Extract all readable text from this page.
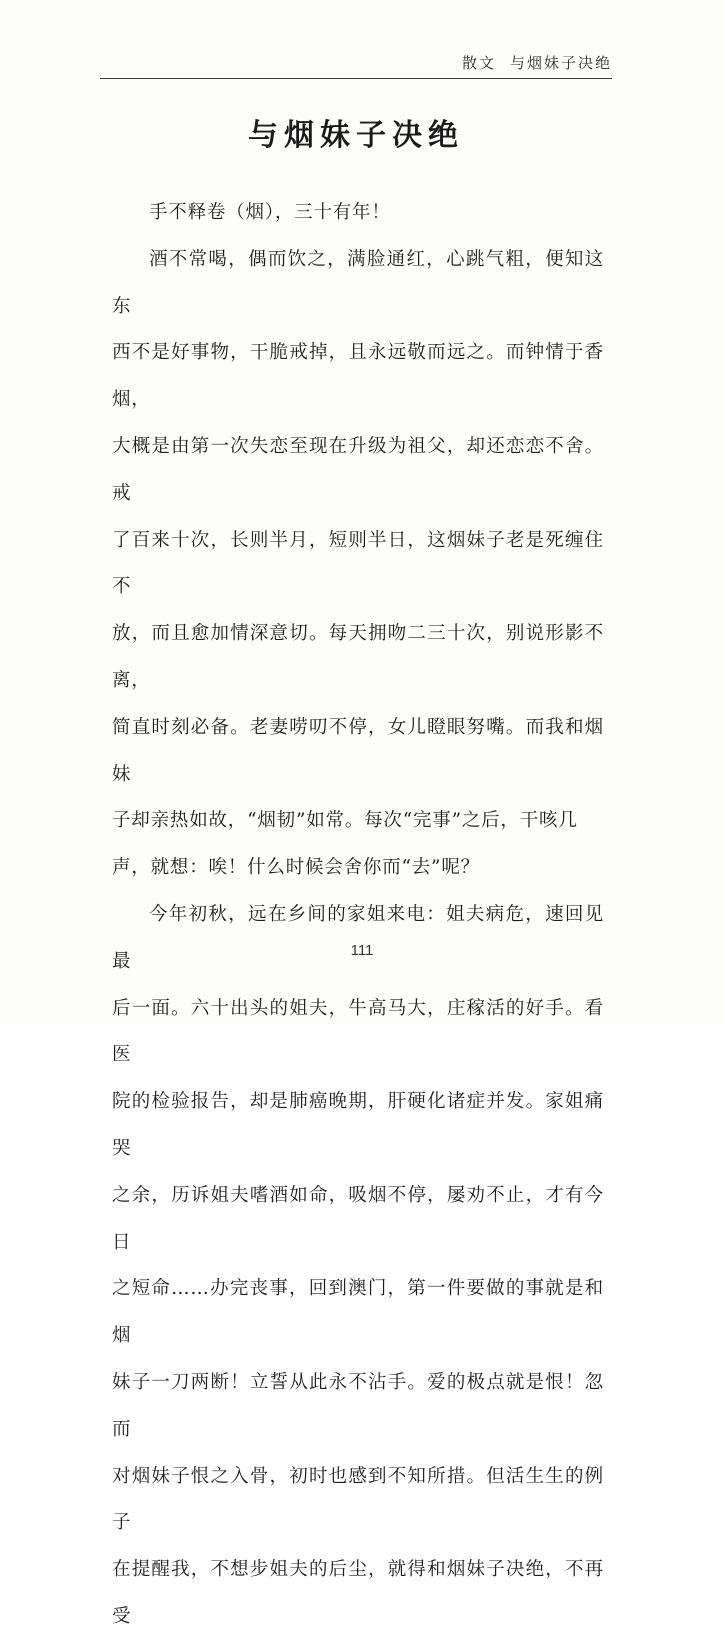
散文 与烟妹子决绝
与烟妹子决绝

手不释卷（烟），三十有年！

酒不常喝，偶而饮之，满脸通红，心跳气粗，便知这东
西不是好事物，干脆戒掉，且永远敬而远之。而钟情于香烟，
大概是由第一次失恋至现在升级为祖父，却还恋恋不舍。戒
了百来十次，长则半月，短则半日，这烟妹子老是死缠住不
放，而且愈加情深意切。每天拥吻二三十次，别说形影不离，
简直时刻必备。老妻唠叨不停，女儿瞪眼努嘴。而我和烟妹
子却亲热如故，“烟韧”如常。每次“完事”之后，干咳几
声，就想：唉！什么时候会舍你而“去”呢？

今年初秋，远在乡间的家姐来电：姐夫病危，速回见最
后一面。六十出头的姐夫，牛高马大，庄稼活的好手。看医
院的检验报告，却是肺癌晚期，肝硬化诸症并发。家姐痛哭
之余，历诉姐夫嗜酒如命，吸烟不停，屡劝不止，才有今日
之短命……办完丧事，回到澳门，第一件要做的事就是和烟
妹子一刀两断！立誓从此永不沾手。爱的极点就是恨！忽而
对烟妹子恨之入骨，初时也感到不知所措。但活生生的例子
在提醒我，不想步姐夫的后尘，就得和烟妹子决绝，不再受

111
